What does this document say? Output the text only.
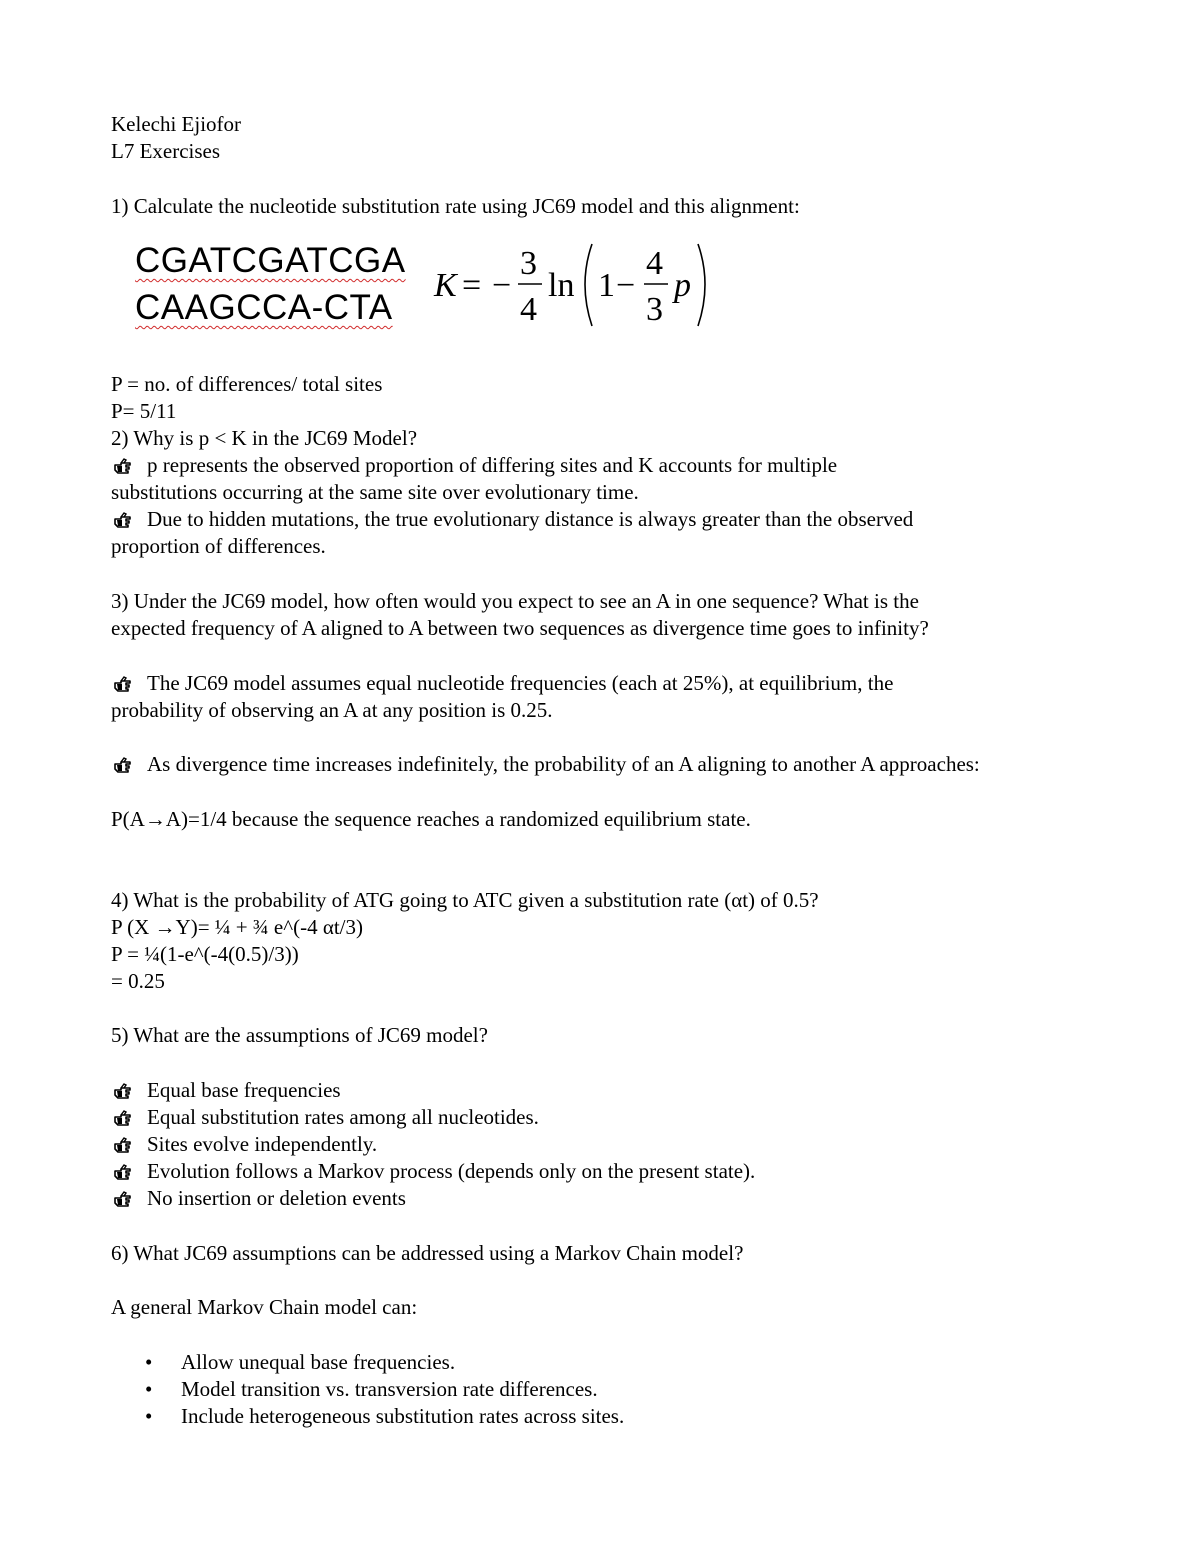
Kelechi Ejiofor
L7 Exercises
1) Calculate the nucleotide substitution rate using JC69 model and this alignment:
CGATCGATCGA
CAAGCCA-CTA
K = −
3
4
ln 1 −
4
3
p
P = no. of differences/ total sites
P= 5/11
2) Why is p < K in the JC69 Model?
p represents the observed proportion of differing sites and K accounts for multiple
substitutions occurring at the same site over evolutionary time.
Due to hidden mutations, the true evolutionary distance is always greater than the observed
proportion of differences.
3) Under the JC69 model, how often would you expect to see an A in one sequence? What is the
expected frequency of A aligned to A between two sequences as divergence time goes to infinity?
The JC69 model assumes equal nucleotide frequencies (each at 25%), at equilibrium, the
probability of observing an A at any position is 0.25.
As divergence time increases indefinitely, the probability of an A aligning to another A approaches:
P(A→A)=1/4 because the sequence reaches a randomized equilibrium state.
4) What is the probability of ATG going to ATC given a substitution rate (αt) of 0.5?
P (X →Y)= ¼ + ¾ e^(-4 αt/3)
P = ¼(1-e^(-4(0.5)/3))
= 0.25
5) What are the assumptions of JC69 model?
Equal base frequencies
Equal substitution rates among all nucleotides.
Sites evolve independently.
Evolution follows a Markov process (depends only on the present state).
No insertion or deletion events
6) What JC69 assumptions can be addressed using a Markov Chain model?
A general Markov Chain model can:
• Allow unequal base frequencies.
• Model transition vs. transversion rate differences.
• Include heterogeneous substitution rates across sites.
